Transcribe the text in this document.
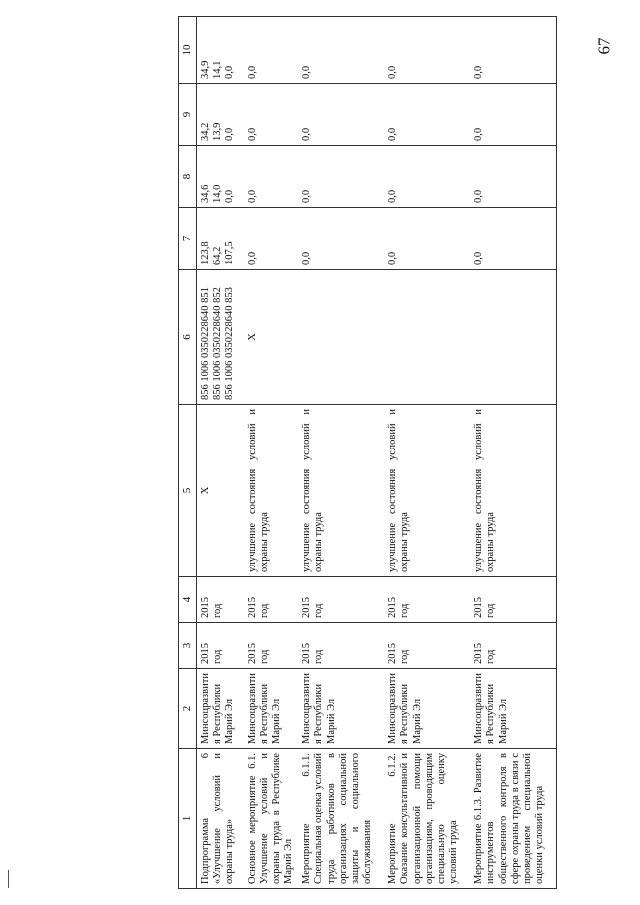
67
1	2	3	4	5	6	7	8	9	10
Подпрограмма 6 «Улучшение условий и охраны труда»	Минсоцразвития Республики Марий Эл	2015 год	2015 год	Х	856 1006 0350228640 851 856 1006 0350228640 852 856 1006 0350228640 853	123,8 64,2 107,5	34,6 14,0 0,0	34,2 13,9 0,0	34,9 14,1 0,0

Основное мероприятие 6.1. Улучшение условий и охраны труда в Республике Марий Эл	Минсоцразвития Республики Марий Эл	2015 год	2015 год	улучшение состояния условий и охраны труда	Х	0,0	0,0	0,0	0,0
Мероприятие 6.1.1. Специальная оценка условий труда работников в организациях социальной защиты и социального обслуживания	Минсоцразвития Республики Марий Эл	2015 год	2015 год	улучшение состояния условий и охраны труда		0,0	0,0	0,0	0,0
Мероприятие 6.1.2. Оказание консультативной и организационной помощи организациям, проводящим специальную оценку условий труда	Минсоцразвития Республики Марий Эл	2015 год	2015 год	улучшение состояния условий и охраны труда		0,0	0,0	0,0	0,0
Мероприятие 6.1.3. Развитие инструментов общественного контроля в сфере охраны труда в связи с проведением специальной оценки условий труда	Минсоцразвития Республики Марий Эл	2015 год	2015 год	улучшение состояния условий и охраны труда		0,0	0,0	0,0	0,0
